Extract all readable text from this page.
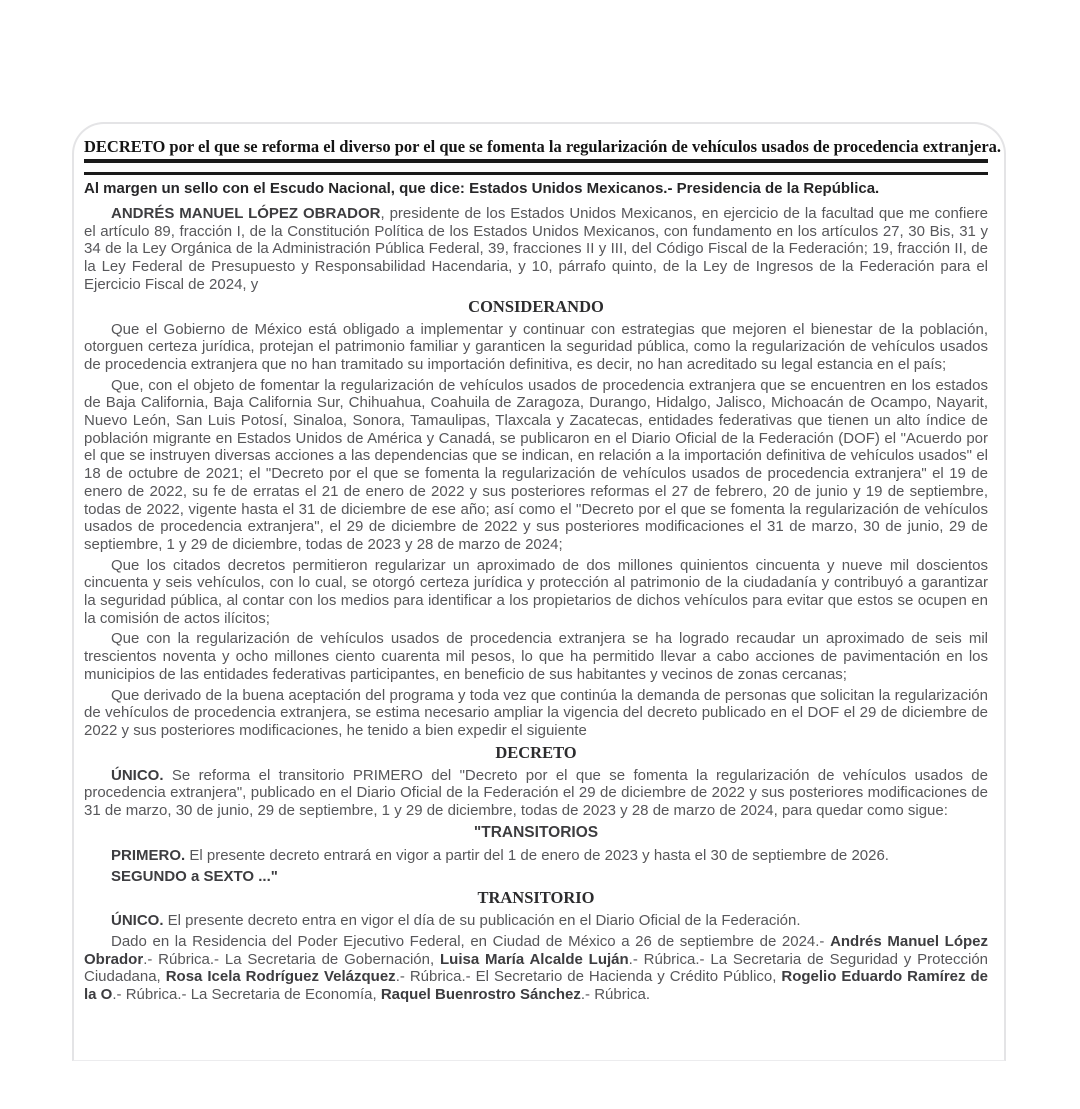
DECRETO por el que se reforma el diverso por el que se fomenta la regularización de vehículos usados de procedencia extranjera.
Al margen un sello con el Escudo Nacional, que dice: Estados Unidos Mexicanos.- Presidencia de la República.

ANDRÉS MANUEL LÓPEZ OBRADOR, presidente de los Estados Unidos Mexicanos, en ejercicio de la facultad que me confiere el artículo 89, fracción I, de la Constitución Política de los Estados Unidos Mexicanos, con fundamento en los artículos 27, 30 Bis, 31 y 34 de la Ley Orgánica de la Administración Pública Federal, 39, fracciones II y III, del Código Fiscal de la Federación; 19, fracción II, de la Ley Federal de Presupuesto y Responsabilidad Hacendaria, y 10, párrafo quinto, de la Ley de Ingresos de la Federación para el Ejercicio Fiscal de 2024, y

CONSIDERANDO

Que el Gobierno de México está obligado a implementar y continuar con estrategias que mejoren el bienestar de la población, otorguen certeza jurídica, protejan el patrimonio familiar y garanticen la seguridad pública, como la regularización de vehículos usados de procedencia extranjera que no han tramitado su importación definitiva, es decir, no han acreditado su legal estancia en el país;

Que, con el objeto de fomentar la regularización de vehículos usados de procedencia extranjera que se encuentren en los estados de Baja California, Baja California Sur, Chihuahua, Coahuila de Zaragoza, Durango, Hidalgo, Jalisco, Michoacán de Ocampo, Nayarit, Nuevo León, San Luis Potosí, Sinaloa, Sonora, Tamaulipas, Tlaxcala y Zacatecas, entidades federativas que tienen un alto índice de población migrante en Estados Unidos de América y Canadá, se publicaron en el Diario Oficial de la Federación (DOF) el "Acuerdo por el que se instruyen diversas acciones a las dependencias que se indican, en relación a la importación definitiva de vehículos usados" el 18 de octubre de 2021; el "Decreto por el que se fomenta la regularización de vehículos usados de procedencia extranjera" el 19 de enero de 2022, su fe de erratas el 21 de enero de 2022 y sus posteriores reformas el 27 de febrero, 20 de junio y 19 de septiembre, todas de 2022, vigente hasta el 31 de diciembre de ese año; así como el "Decreto por el que se fomenta la regularización de vehículos usados de procedencia extranjera", el 29 de diciembre de 2022 y sus posteriores modificaciones el 31 de marzo, 30 de junio, 29 de septiembre, 1 y 29 de diciembre, todas de 2023 y 28 de marzo de 2024;

Que los citados decretos permitieron regularizar un aproximado de dos millones quinientos cincuenta y nueve mil doscientos cincuenta y seis vehículos, con lo cual, se otorgó certeza jurídica y protección al patrimonio de la ciudadanía y contribuyó a garantizar la seguridad pública, al contar con los medios para identificar a los propietarios de dichos vehículos para evitar que estos se ocupen en la comisión de actos ilícitos;

Que con la regularización de vehículos usados de procedencia extranjera se ha logrado recaudar un aproximado de seis mil trescientos noventa y ocho millones ciento cuarenta mil pesos, lo que ha permitido llevar a cabo acciones de pavimentación en los municipios de las entidades federativas participantes, en beneficio de sus habitantes y vecinos de zonas cercanas;

Que derivado de la buena aceptación del programa y toda vez que continúa la demanda de personas que solicitan la regularización de vehículos de procedencia extranjera, se estima necesario ampliar la vigencia del decreto publicado en el DOF el 29 de diciembre de 2022 y sus posteriores modificaciones, he tenido a bien expedir el siguiente

DECRETO

ÚNICO. Se reforma el transitorio PRIMERO del "Decreto por el que se fomenta la regularización de vehículos usados de procedencia extranjera", publicado en el Diario Oficial de la Federación el 29 de diciembre de 2022 y sus posteriores modificaciones de 31 de marzo, 30 de junio, 29 de septiembre, 1 y 29 de diciembre, todas de 2023 y 28 de marzo de 2024, para quedar como sigue:

"TRANSITORIOS

PRIMERO. El presente decreto entrará en vigor a partir del 1 de enero de 2023 y hasta el 30 de septiembre de 2026.

SEGUNDO a SEXTO ..."

TRANSITORIO

ÚNICO. El presente decreto entra en vigor el día de su publicación en el Diario Oficial de la Federación.

Dado en la Residencia del Poder Ejecutivo Federal, en Ciudad de México a 26 de septiembre de 2024.- Andrés Manuel López Obrador.- Rúbrica.- La Secretaria de Gobernación, Luisa María Alcalde Luján.- Rúbrica.- La Secretaria de Seguridad y Protección Ciudadana, Rosa Icela Rodríguez Velázquez.- Rúbrica.- El Secretario de Hacienda y Crédito Público, Rogelio Eduardo Ramírez de la O.- Rúbrica.- La Secretaria de Economía, Raquel Buenrostro Sánchez.- Rúbrica.
